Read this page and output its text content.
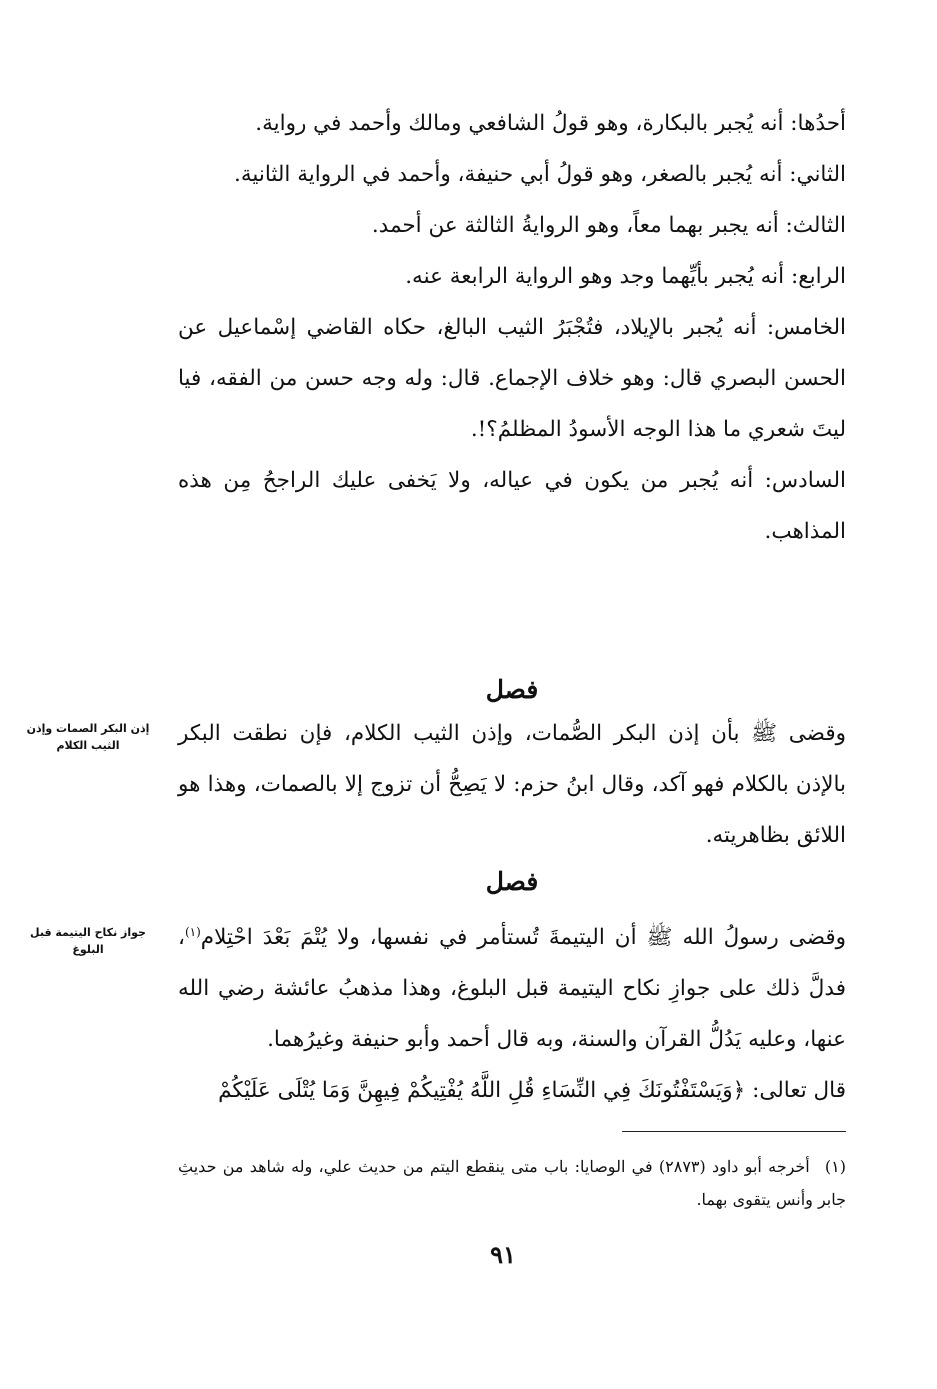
أحدُها: أنه يُجبر بالبكارة، وهو قولُ الشافعي ومالك وأحمد في رواية.

الثاني: أنه يُجبر بالصغر، وهو قولُ أبي حنيفة، وأحمد في الرواية الثانية.

الثالث: أنه يجبر بهما معاً، وهو الروايةُ الثالثة عن أحمد.

الرابع: أنه يُجبر بأيِّهما وجد وهو الرواية الرابعة عنه.

الخامس: أنه يُجبر بالإيلاد، فتُجْبَرُ الثيب البالغ، حكاه القاضي إسْماعيل عن الحسن البصري قال: وهو خلاف الإجماع. قال: وله وجه حسن من الفقه، فيا ليتَ شعري ما هذا الوجه الأسودُ المظلمُ؟!.

السادس: أنه يُجبر من يكون في عياله، ولا يَخفى عليك الراجحُ مِن هذه المذاهب.

فصل
إذن البكر الصمات وإذن الثيب الكلام	وقضى ﷺ بأن إذن البكر الصُّمات، وإذن الثيب الكلام، فإن نطقت البكر بالإذن بالكلام فهو آكد، وقال ابنُ حزم: لا يَصِحُّ أن تزوج إلا بالصمات، وهذا هو اللائق بظاهريته.

فصل
جواز نكاح اليتيمة قبل البلوغ	وقضى رسولُ الله ﷺ أن اليتيمةَ تُستأمر في نفسها، ولا يُتْمَ بَعْدَ احْتِلام$^{(١)}$، فدلَّ ذلك على جوازِ نكاح اليتيمة قبل البلوغ، وهذا مذهبُ عائشة رضي الله عنها، وعليه يَدُلُّ القرآن والسنة، وبه قال أحمد وأبو حنيفة وغيرُهما.

قال تعالى: ﴿وَيَسْتَفْتُونَكَ فِي النِّسَاءِ قُلِ اللَّهُ يُفْتِيكُمْ فِيهِنَّ وَمَا يُتْلَى عَلَيْكُمْ

(١) أخرجه أبو داود (٢٨٧٣) في الوصايا: باب متى ينقطع اليتم من حديث علي، وله شاهد من حديثِ جابر وأنس يتقوى بهما.
٩١
